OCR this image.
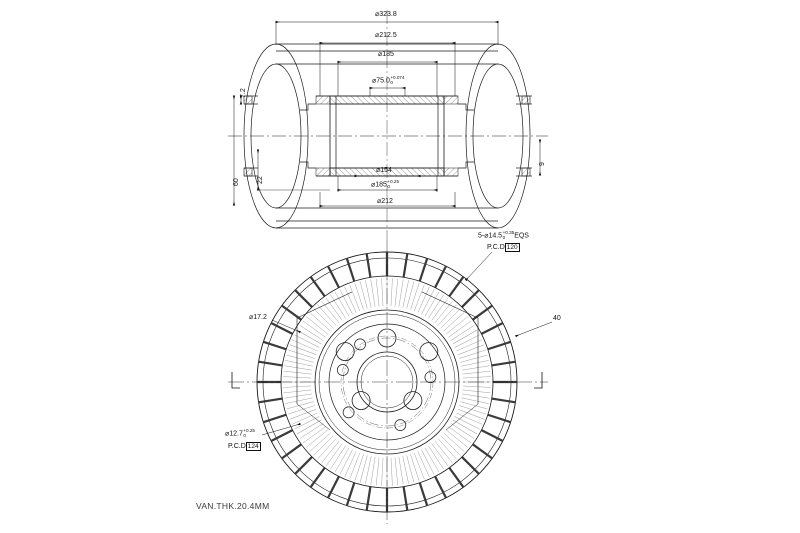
⌀323.8
⌀212.5
⌀185
⌀75.0+0.074
0
7.2
60 22
9
⌀154
⌀185+0.25
0
⌀212
5-⌀14.5+0.35
0 EQS
P.C.D 120
⌀17.2	40
⌀12.7+0.25
0
P.C.D 124
VAN.THK.20.4MM
